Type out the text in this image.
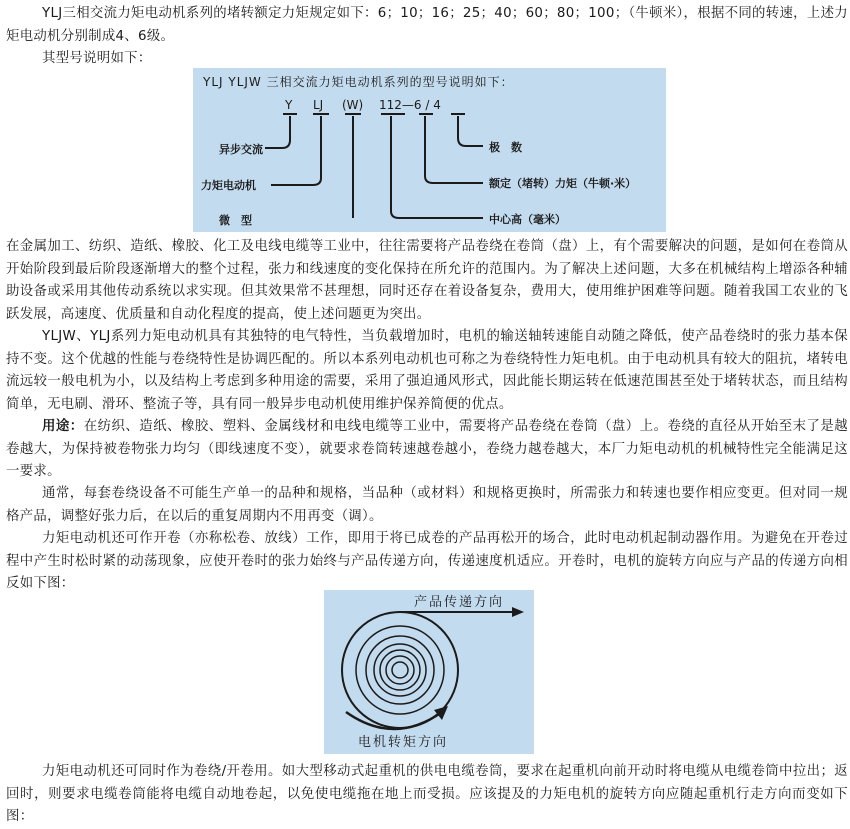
YLJ三相交流力矩电动机系列的堵转额定力矩规定如下：6；10；16；25；40；60；80；100；（牛顿米），根据不同的转速，上述力矩电动机分别制成4、6级。

其型号说明如下：

YLJ YLJW 三相交流力矩电动机系列的型号说明如下：
Y LJ (W) 112—6 / 4
异步交流
力矩电动机
微　型
极　数
额定（堵转）力矩（牛顿·米）
中心高（毫米）

在金属加工、纺织、造纸、橡胶、化工及电线电缆等工业中，往往需要将产品卷绕在卷筒（盘）上，有个需要解决的问题，是如何在卷筒从开始阶段到最后阶段逐渐增大的整个过程，张力和线速度的变化保持在所允许的范围内。为了解决上述问题，大多在机械结构上增添各种辅助设备或采用其他传动系统以求实现。但其效果常不甚理想，同时还存在着设备复杂，费用大，使用维护困难等问题。随着我国工农业的飞跃发展，高速度、优质量和自动化程度的提高，使上述问题更为突出。

YLJW、YLJ系列力矩电动机具有其独特的电气特性，当负载增加时，电机的输送轴转速能自动随之降低，使产品卷绕时的张力基本保持不变。这个优越的性能与卷绕特性是协调匹配的。所以本系列电动机也可称之为卷绕特性力矩电机。由于电动机具有较大的阻抗，堵转电流远较一般电机为小，以及结构上考虑到多种用途的需要，采用了强迫通风形式，因此能长期运转在低速范围甚至处于堵转状态，而且结构简单，无电刷、滑环、整流子等，具有同一般异步电动机使用维护保养简便的优点。

用途：在纺织、造纸、橡胶、塑料、金属线材和电线电缆等工业中，需要将产品卷绕在卷筒（盘）上。卷绕的直径从开始至末了是越卷越大，为保持被卷物张力均匀（即线速度不变），就要求卷筒转速越卷越小，卷绕力越卷越大，本厂力矩电动机的机械特性完全能满足这一要求。

通常，每套卷绕设备不可能生产单一的品种和规格，当品种（或材料）和规格更换时，所需张力和转速也要作相应变更。但对同一规格产品，调整好张力后，在以后的重复周期内不用再变（调）。

力矩电动机还可作开卷（亦称松卷、放线）工作，即用于将已成卷的产品再松开的场合，此时电动机起制动器作用。为避免在开卷过程中产生时松时紧的动荡现象，应使开卷时的张力始终与产品传递方向，传递速度机适应。开卷时，电机的旋转方向应与产品的传递方向相反如下图：

产品传递方向
电机转矩方向

力矩电动机还可同时作为卷绕/开卷用。如大型移动式起重机的供电电缆卷筒，要求在起重机向前开动时将电缆从电缆卷筒中拉出；返回时，则要求电缆卷筒能将电缆自动地卷起，以免使电缆拖在地上而受损。应该提及的力矩电机的旋转方向应随起重机行走方向而变如下图：
